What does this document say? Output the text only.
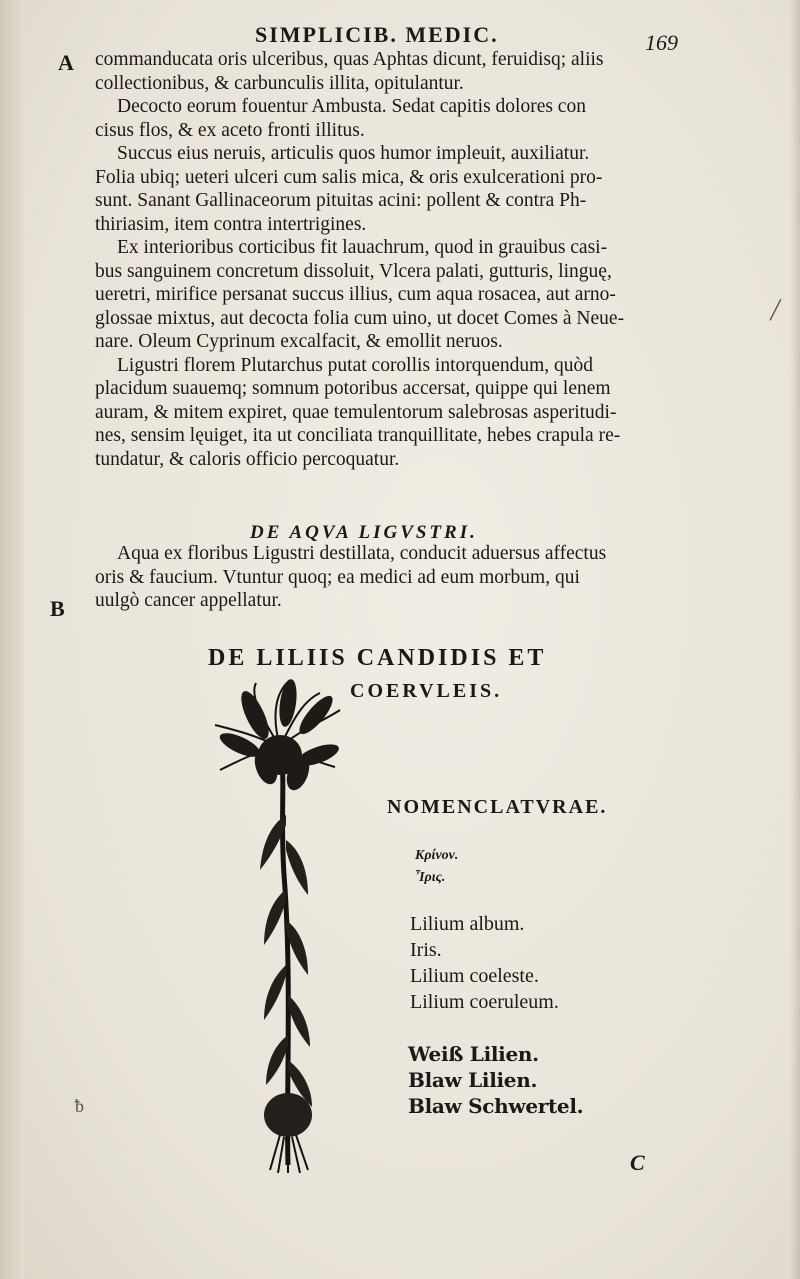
SIMPLICIB. MEDIC.	169
A
B

commanducata oris ulceribus, quas Aphtas dicunt, feruidisq; aliis
collectionibus, & carbunculis illita, opitulantur.

Decocto eorum fouentur Ambusta. Sedat capitis dolores con
cisus flos, & ex aceto fronti illitus.

Succus eius neruis, articulis quos humor impleuit, auxiliatur.
Folia ubiq; ueteri ulceri cum salis mica, & oris exulcerationi pro-
sunt. Sanant Gallinaceorum pituitas acini: pollent & contra Ph-
thiriasim, item contra intertrigines.

Ex interioribus corticibus fit lauachrum, quod in grauibus casi-
bus sanguinem concretum dissoluit, Vlcera palati, gutturis, linguę,
ueretri, mirifice persanat succus illius, cum aqua rosacea, aut arno-
glossae mixtus, aut decocta folia cum uino, ut docet Comes à Neue-
nare. Oleum Cyprinum excalfacit, & emollit neruos.

Ligustri florem Plutarchus putat corollis intorquendum, quòd
placidum suauemq; somnum potoribus accersat, quippe qui lenem
auram, & mitem expiret, quae temulentorum salebrosas asperitudi-
nes, sensim lęuiget, ita ut conciliata tranquillitate, hebes crapula re-
tundatur, & caloris officio percoquatur.

DE AQVA LIGVSTRI.

Aqua ex floribus Ligustri destillata, conducit aduersus affectus
oris & faucium. Vtuntur quoq; ea medici ad eum morbum, qui
uulgò cancer appellatur.

DE LILIIS CANDIDIS ET
COERVLEIS.
NOMENCLATVRAE.
Κρίνον.
Ἶρις.
Lilium album.
Iris.
Lilium coeleste.
Lilium coeruleum.
Weiß Lilien.
Blaw Lilien.
Blaw Schwertel.
C
ᵬ
╱
